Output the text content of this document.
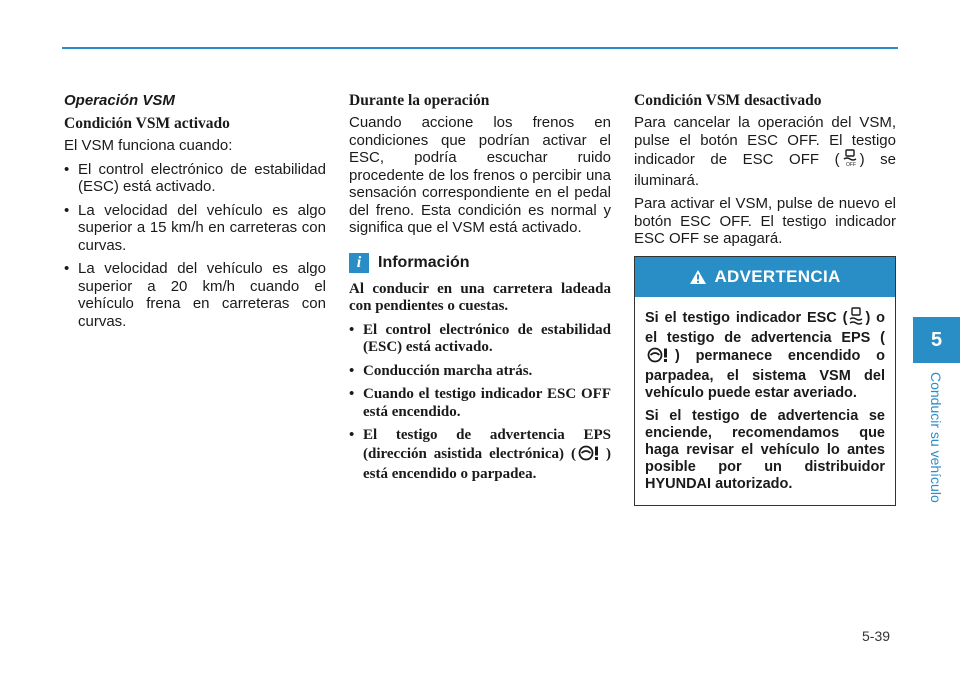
Operación VSM

Condición VSM activado

El VSM funciona cuando:

• El control electrónico de estabilidad (ESC) está activado.
• La velocidad del vehículo es algo superior a 15 km/h en carreteras con curvas.
• La velocidad del vehículo es algo superior a 20 km/h cuando el vehículo frena en carreteras con curvas.

Durante la operación

Cuando accione los frenos en condiciones que podrían activar el ESC, podría escuchar ruido procedente de los frenos o percibir una sensación correspondiente en el pedal del freno. Esta condición es normal y significa que el VSM está activado.

i	Información

Al conducir en una carretera ladeada con pendientes o cuestas.

• El control electrónico de estabilidad (ESC) está activado.
• Conducción marcha atrás.
• Cuando el testigo indicador ESC OFF está encendido.
• El testigo de advertencia EPS (dirección asistida electrónica) ( ) está encendido o parpadea.

Condición VSM desactivado

Para cancelar la operación del VSM, pulse el botón ESC OFF. El testigo indicador de ESC OFF ( OFF ) se iluminará.

Para activar el VSM, pulse de nuevo el botón ESC OFF. El testigo indicador ESC OFF se apagará.

ADVERTENCIA

Si el testigo indicador ESC ( ) o el testigo de advertencia EPS () permanece encendido o parpadea, el sistema VSM del vehículo puede estar averiado.

Si el testigo de advertencia se enciende, recomendamos que haga revisar el vehículo lo antes posible por un distribuidor HYUNDAI autorizado.

5
Conducir su vehículo
5-39
